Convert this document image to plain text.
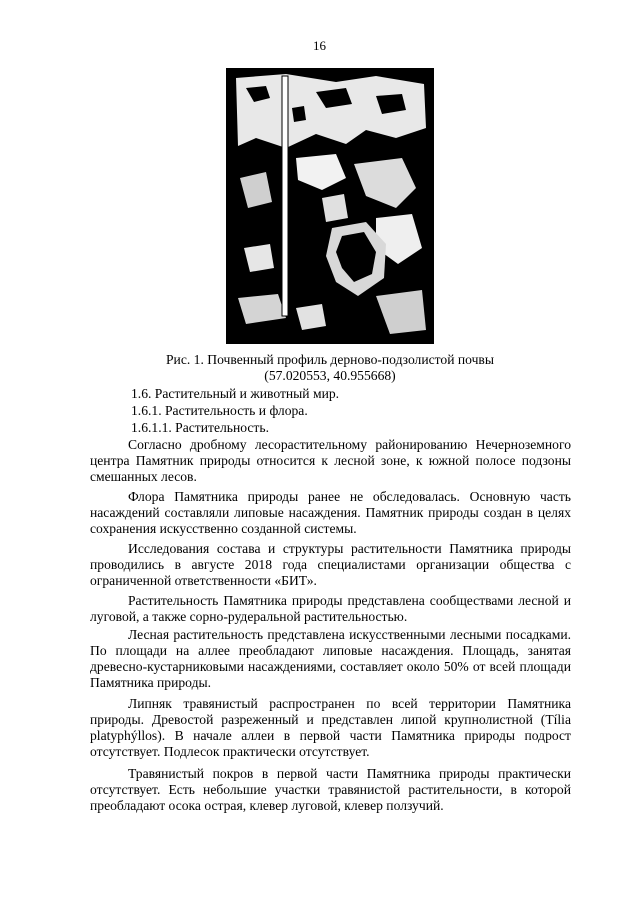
16
Рис. 1. Почвенный профиль дерново-подзолистой почвы
(57.020553, 40.955668)
1.6. Растительный и животный мир.
1.6.1. Растительность и флора.
1.6.1.1. Растительность.

Согласно дробному лесорастительному районированию Нечерноземного центра Памятник природы относится к лесной зоне, к южной полосе подзоны смешанных лесов.

Флора Памятника природы ранее не обследовалась. Основную часть насаждений составляли липовые насаждения. Памятник природы создан в целях сохранения искусственно созданной системы.

Исследования состава и структуры растительности Памятника природы проводились в августе 2018 года специалистами организации общества с ограниченной ответственности «БИТ».

Растительность Памятника природы представлена сообществами лесной и луговой, а также сорно-рудеральной растительностью.

Лесная растительность представлена искусственными лесными посадками. По площади на аллее преобладают липовые насаждения. Площадь, занятая древесно-кустарниковыми насаждениями, составляет около 50% от всей площади Памятника природы.

Липняк травянистый распространен по всей территории Памятника природы. Древостой разреженный и представлен липой крупнолистной (Tília platyphýllos). В начале аллеи в первой части Памятника природы подрост отсутствует. Подлесок практически отсутствует.

Травянистый покров в первой части Памятника природы практически отсутствует. Есть небольшие участки травянистой растительности, в которой преобладают осока острая, клевер луговой, клевер ползучий.
